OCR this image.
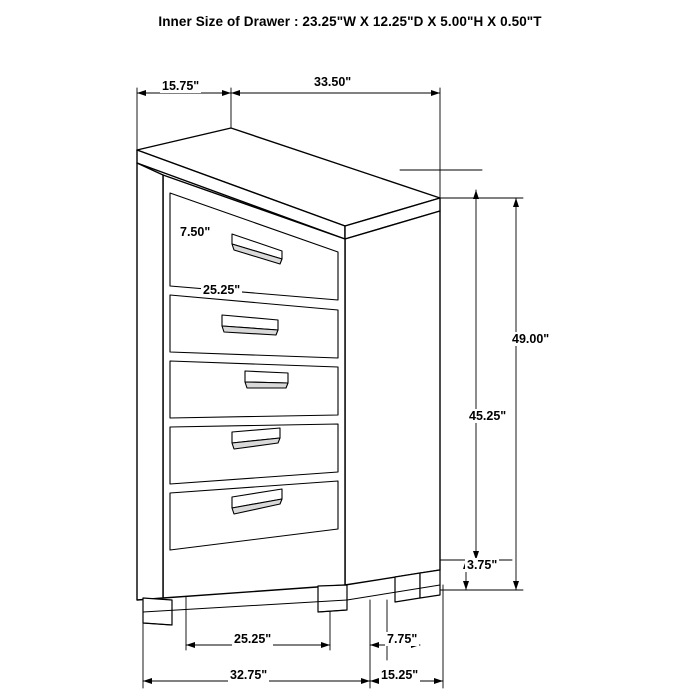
Inner Size of Drawer : 23.25"W X 12.25"D X 5.00"H X 0.50"T
15.75"	33.50"
7.50"
25.25"
49.00"
45.25"
3.75"
25.25"	7.75"
32.75"	15.25"
